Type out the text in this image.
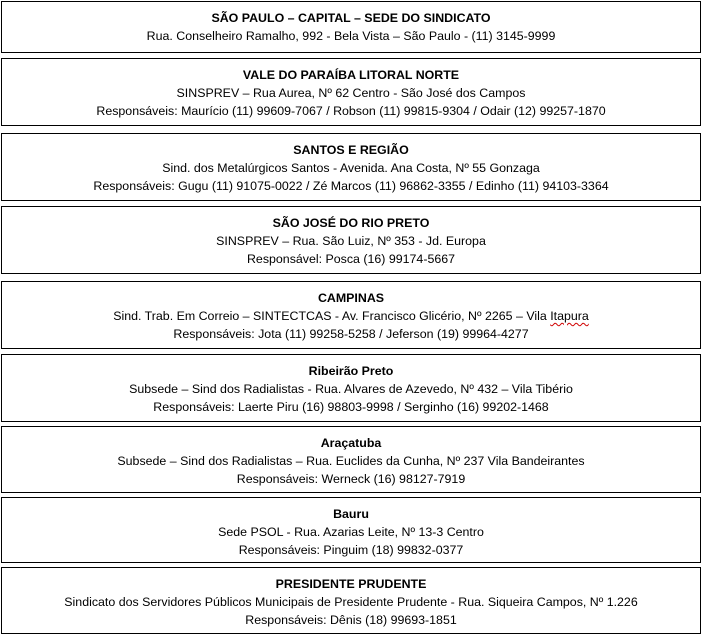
SÃO PAULO – CAPITAL – SEDE DO SINDICATO
Rua. Conselheiro Ramalho, 992 - Bela Vista – São Paulo - (11) 3145-9999
VALE DO PARAÍBA LITORAL NORTE
SINSPREV – Rua Aurea, Nº 62 Centro - São José dos Campos
Responsáveis: Maurício (11) 99609-7067 / Robson (11) 99815-9304 / Odair (12) 99257-1870
SANTOS E REGIÃO
Sind. dos Metalúrgicos Santos - Avenida. Ana Costa, Nº 55 Gonzaga
Responsáveis: Gugu (11) 91075-0022 / Zé Marcos (11) 96862-3355 / Edinho (11) 94103-3364
SÃO JOSÉ DO RIO PRETO
SINSPREV – Rua. São Luiz, Nº 353 - Jd. Europa
Responsável: Posca (16) 99174-5667
CAMPINAS
Sind. Trab. Em Correio – SINTECTCAS - Av. Francisco Glicério, Nº 2265 – Vila Itapura
Responsáveis: Jota (11) 99258-5258 / Jeferson (19) 99964-4277
Ribeirão Preto
Subsede – Sind dos Radialistas - Rua. Alvares de Azevedo, Nº 432 – Vila Tibério
Responsáveis: Laerte Piru (16) 98803-9998 / Serginho (16) 99202-1468
Araçatuba
Subsede – Sind dos Radialistas – Rua. Euclides da Cunha, Nº 237 Vila Bandeirantes
Responsáveis: Werneck (16) 98127-7919
Bauru
Sede PSOL - Rua. Azarias Leite, Nº 13-3 Centro
Responsáveis: Pinguim (18) 99832-0377
PRESIDENTE PRUDENTE
Sindicato dos Servidores Públicos Municipais de Presidente Prudente - Rua. Siqueira Campos, Nº 1.226
Responsáveis: Dênis (18) 99693-1851
